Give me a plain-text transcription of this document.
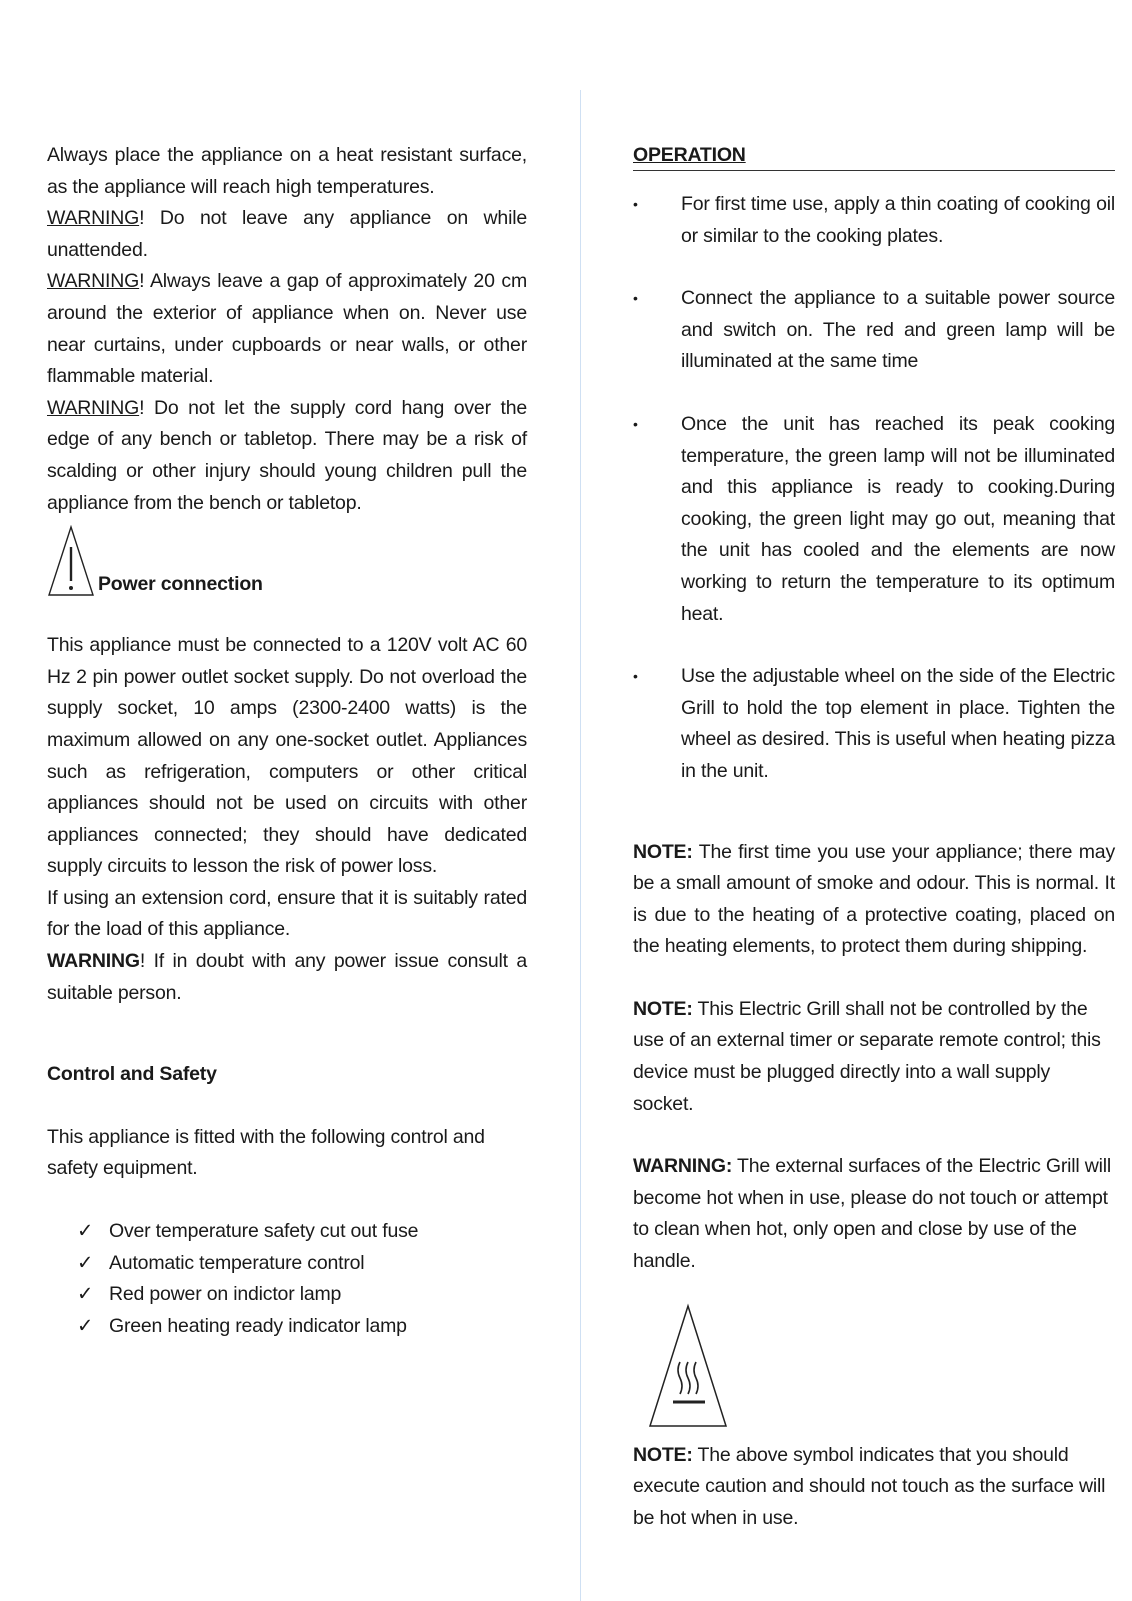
Always place the appliance on a heat resistant surface, as the appliance will reach high temperatures.

WARNING! Do not leave any appliance on while unattended.

WARNING! Always leave a gap of approximately 20 cm around the exterior of appliance when on. Never use near curtains, under cupboards or near walls, or other flammable material.

WARNING! Do not let the supply cord hang over the edge of any bench or tabletop. There may be a risk of scalding or other injury should young children pull the appliance from the bench or tabletop.

Power connection

This appliance must be connected to a 120V volt AC 60 Hz 2 pin power outlet socket supply. Do not overload the supply socket, 10 amps (2300-2400 watts) is the maximum allowed on any one-socket outlet. Appliances such as refrigeration, computers or other critical appliances should not be used on circuits with other appliances connected; they should have dedicated supply circuits to lesson the risk of power loss.

If using an extension cord, ensure that it is suitably rated for the load of this appliance.

WARNING! If in doubt with any power issue consult a suitable person.

Control and Safety

This appliance is fitted with the following control and safety equipment.

✓ Over temperature safety cut out fuse
✓ Automatic temperature control
✓ Red power on indictor lamp
✓ Green heating ready indicator lamp
OPERATION
•	For first time use, apply a thin coating of cooking oil or similar to the cooking plates.
•	Connect the appliance to a suitable power source and switch on. The red and green lamp will be illuminated at the same time
•	Once the unit has reached its peak cooking temperature, the green lamp will not be illuminated and this appliance is ready to cooking.During cooking, the green light may go out, meaning that the unit has cooled and the elements are now working to return the temperature to its optimum heat.
•	Use the adjustable wheel on the side of the Electric Grill to hold the top element in place. Tighten the wheel as desired. This is useful when heating pizza in the unit.

NOTE: The first time you use your appliance; there may be a small amount of smoke and odour. This is normal. It is due to the heating of a protective coating, placed on the heating elements, to protect them during shipping.

NOTE: This Electric Grill shall not be controlled by the use of an external timer or separate remote control; this device must be plugged directly into a wall supply socket.

WARNING: The external surfaces of the Electric Grill will become hot when in use, please do not touch or attempt to clean when hot, only open and close by use of the handle.

NOTE: The above symbol indicates that you should execute caution and should not touch as the surface will be hot when in use.
